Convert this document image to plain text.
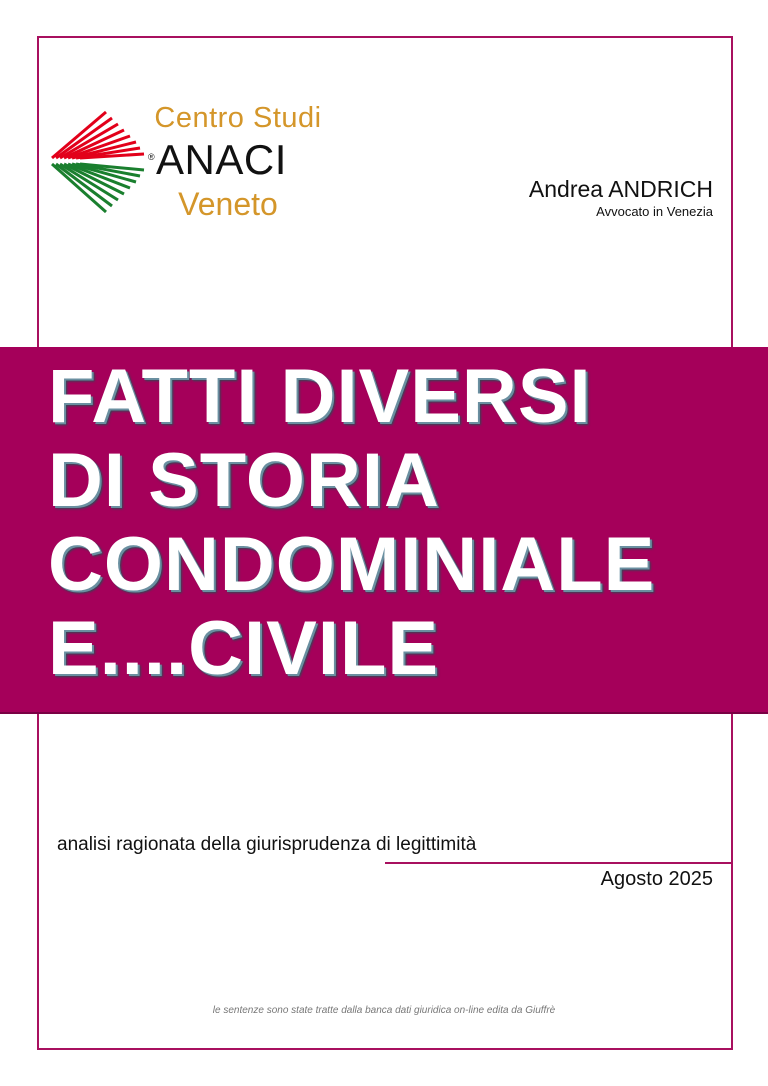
Centro Studi
® ANACI
Veneto	Andrea ANDRICH
Avvocato in Venezia
FATTI DIVERSI
DI STORIA
CONDOMINIALE
E....CIVILE
analisi ragionata della giurisprudenza di legittimità
Agosto 2025
le sentenze sono state tratte dalla banca dati giuridica on-line edita da Giuffrè
